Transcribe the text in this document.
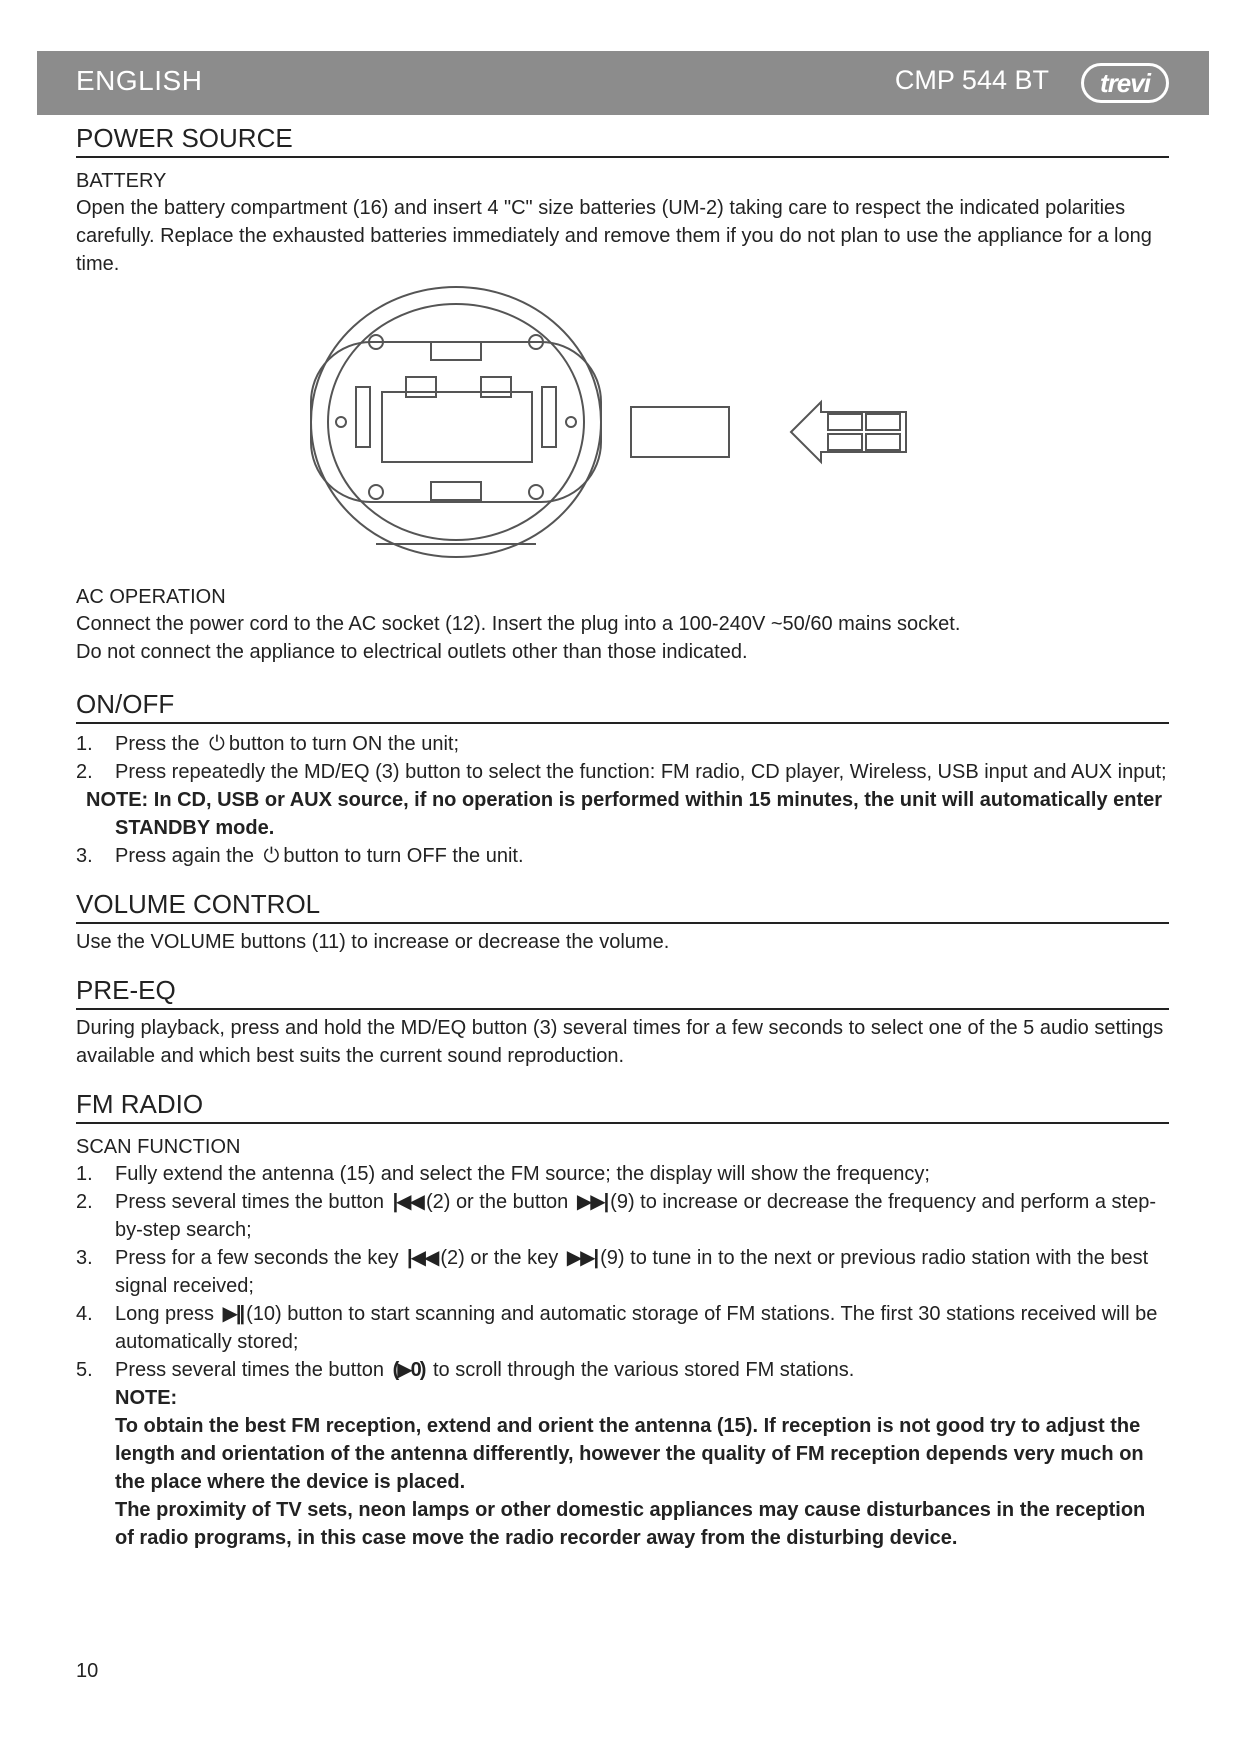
ENGLISH	CMP 544 BT	trevi
POWER SOURCE

BATTERY

Open the battery compartment (16) and insert 4 "C" size batteries (UM-2) taking care to respect the indicated polarities carefully. Replace the exhausted batteries immediately and remove them if you do not plan to use the appliance for a long time.

AC OPERATION

Connect the power cord to the AC socket (12). Insert the plug into a 100-240V ~50/60 mains socket.

Do not connect the appliance to electrical outlets other than those indicated.

ON/OFF
1. Press the ⏻ button to turn ON the unit;
2. Press repeatedly the MD/EQ (3) button to select the function: FM radio, CD player, Wireless, USB input and AUX input;

NOTE: In CD, USB or AUX source, if no operation is performed within 15 minutes, the unit will automatically enter STANDBY mode.

3. Press again the ⏻ button to turn OFF the unit.
VOLUME CONTROL

Use the VOLUME buttons (11) to increase or decrease the volume.

PRE-EQ

During playback, press and hold the MD/EQ button (3) several times for a few seconds to select one of the 5 audio settings available and which best suits the current sound reproduction.

FM RADIO

SCAN FUNCTION

1. Fully extend the antenna (15) and select the FM source; the display will show the frequency;
2. Press several times the button |◀◀ (2) or the button ▶▶| (9) to increase or decrease the frequency and perform a step-by-step search;
3. Press for a few seconds the key |◀◀ (2) or the key ▶▶| (9) to tune in to the next or previous radio station with the best signal received;
4. Long press ▶|| (10) button to start scanning and automatic storage of FM stations. The first 30 stations received will be automatically stored;
5. Press several times the button (▶0) to scroll through the various stored FM stations.

NOTE:

To obtain the best FM reception, extend and orient the antenna (15). If reception is not good try to adjust the length and orientation of the antenna differently, however the quality of FM reception depends very much on the place where the device is placed.

The proximity of TV sets, neon lamps or other domestic appliances may cause disturbances in the reception of radio programs, in this case move the radio recorder away from the disturbing device.

10
